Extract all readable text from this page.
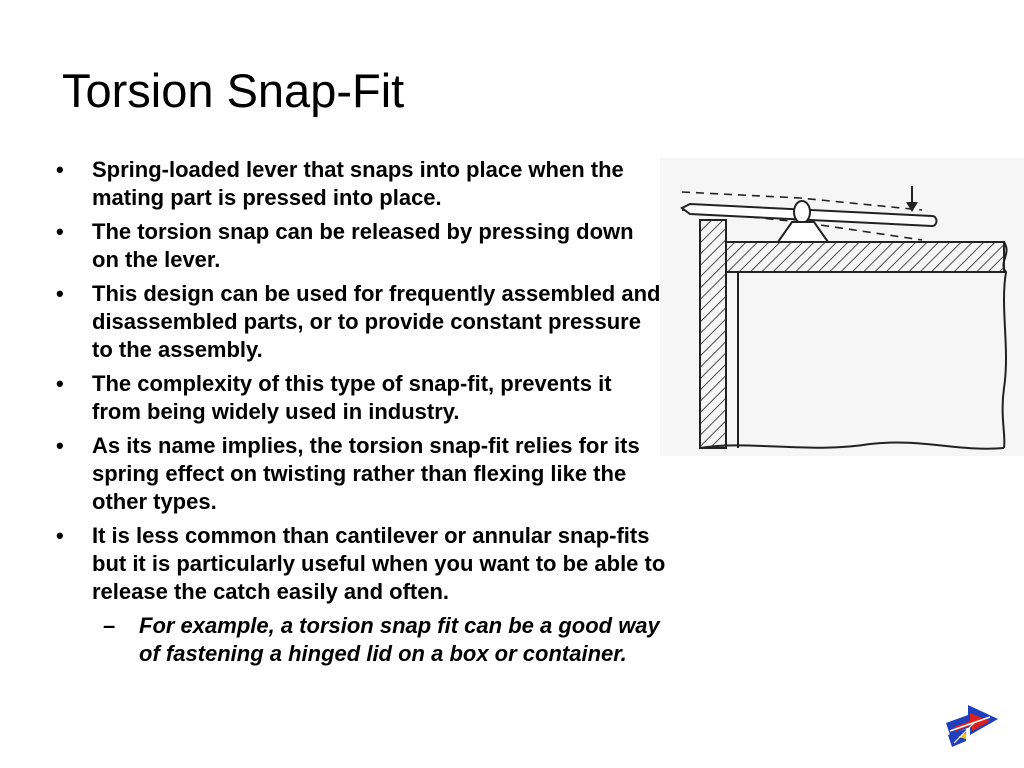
Torsion Snap-Fit
• Spring-loaded lever that snaps into place when the mating part is pressed into place.
• The torsion snap can be released by pressing down on the lever.
• This design can be used for frequently assembled and disassembled parts, or to provide constant pressure to the assembly.
• The complexity of this type of snap-fit, prevents it from being widely used in industry.
• As its name implies, the torsion snap-fit relies for its spring effect on twisting rather than flexing like the other types.
• It is less common than cantilever or annular snap-fits but it is particularly useful when you want to be able to release the catch easily and often.
– For example, a torsion snap fit can be a good way of fastening a hinged lid on a box or container.
